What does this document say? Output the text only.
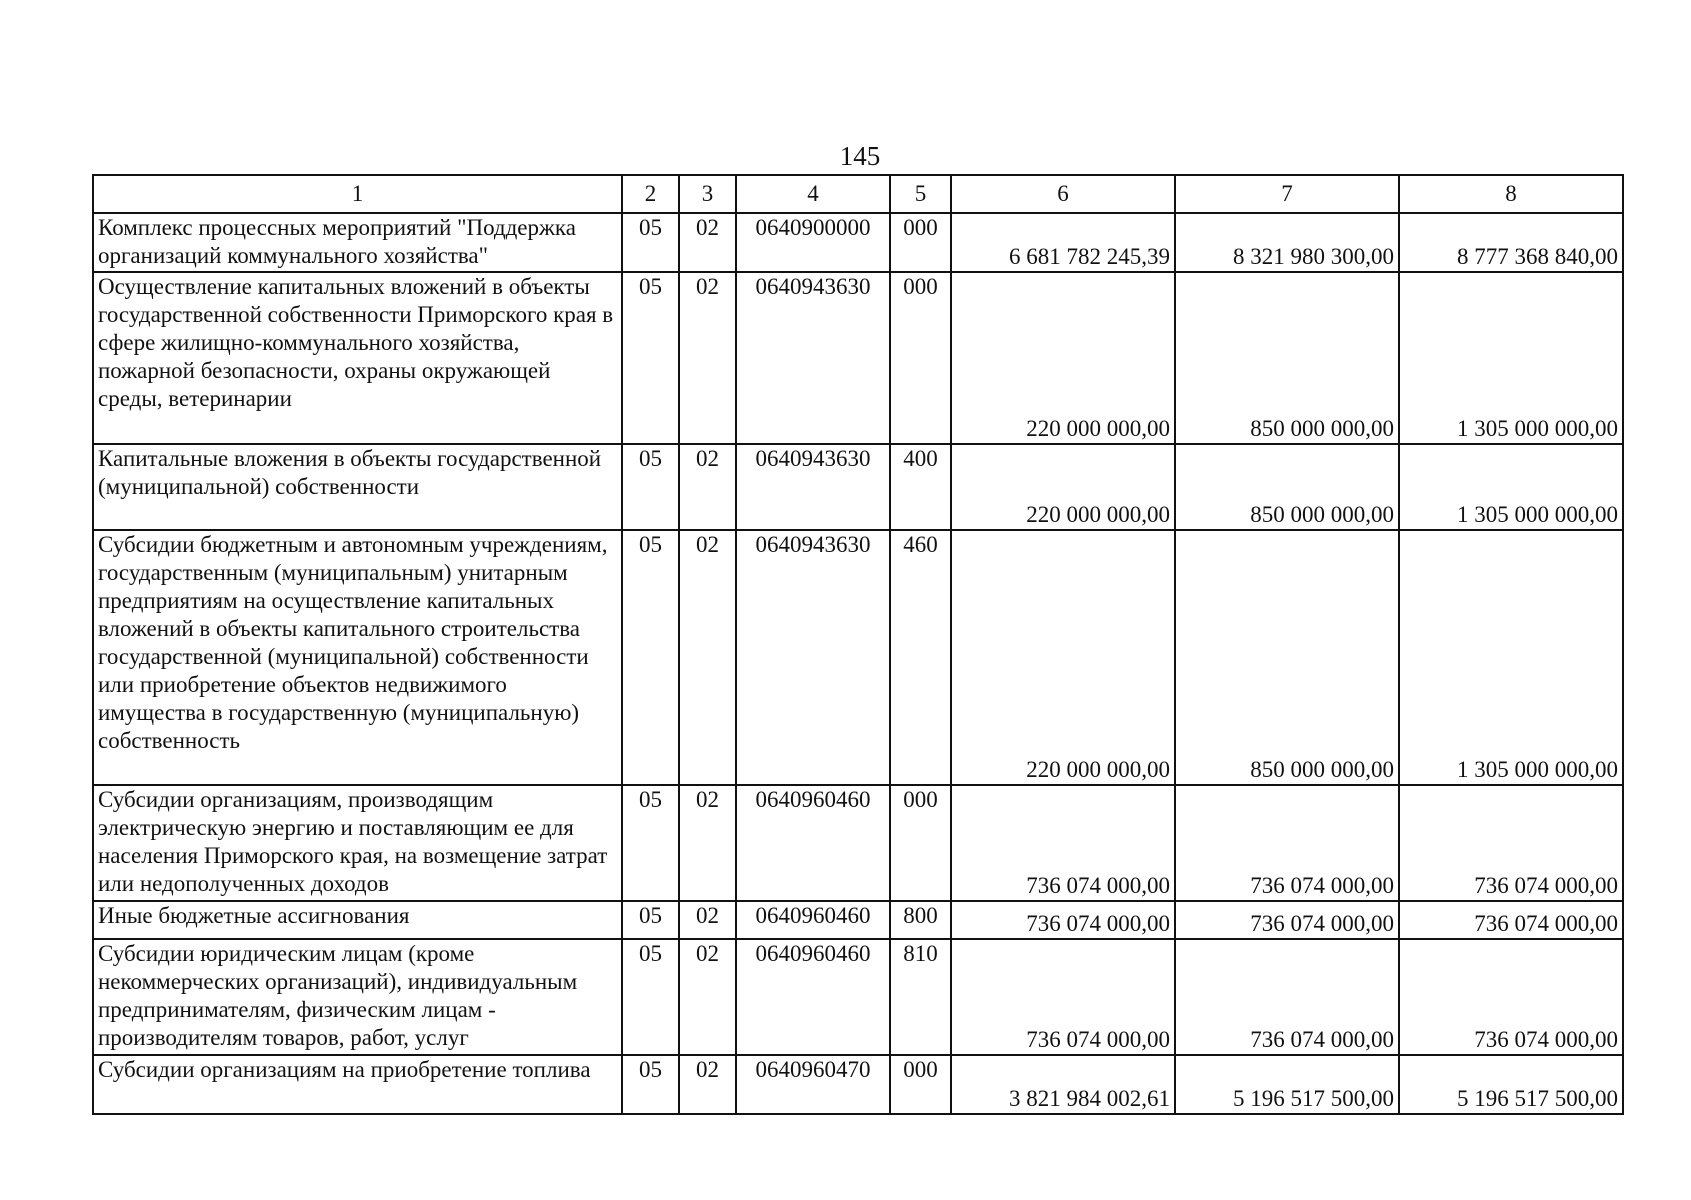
145
1	2	3	4	5	6	7	8
Комплекс процессных мероприятий "Поддержка организаций коммунального хозяйства"	05	02	0640900000	000	6 681 782 245,39	8 321 980 300,00	8 777 368 840,00
Осуществление капитальных вложений в объекты государственной собственности Приморского края в сфере жилищно-коммунального хозяйства, пожарной безопасности, охраны окружающей среды, ветеринарии	05	02	0640943630	000	220 000 000,00	850 000 000,00	1 305 000 000,00
Капитальные вложения в объекты государственной (муниципальной) собственности	05	02	0640943630	400	220 000 000,00	850 000 000,00	1 305 000 000,00
Субсидии бюджетным и автономным учреждениям, государственным (муниципальным) унитарным предприятиям на осуществление капитальных вложений в объекты капитального строительства государственной (муниципальной) собственности или приобретение объектов недвижимого имущества в государственную (муниципальную) собственность	05	02	0640943630	460	220 000 000,00	850 000 000,00	1 305 000 000,00
Субсидии организациям, производящим электрическую энергию и поставляющим ее для населения Приморского края, на возмещение затрат или недополученных доходов	05	02	0640960460	000	736 074 000,00	736 074 000,00	736 074 000,00
Иные бюджетные ассигнования	05	02	0640960460	800	736 074 000,00	736 074 000,00	736 074 000,00
Субсидии юридическим лицам (кроме некоммерческих организаций), индивидуальным предпринимателям, физическим лицам - производителям товаров, работ, услуг	05	02	0640960460	810	736 074 000,00	736 074 000,00	736 074 000,00
Субсидии организациям на приобретение топлива	05	02	0640960470	000	3 821 984 002,61	5 196 517 500,00	5 196 517 500,00
